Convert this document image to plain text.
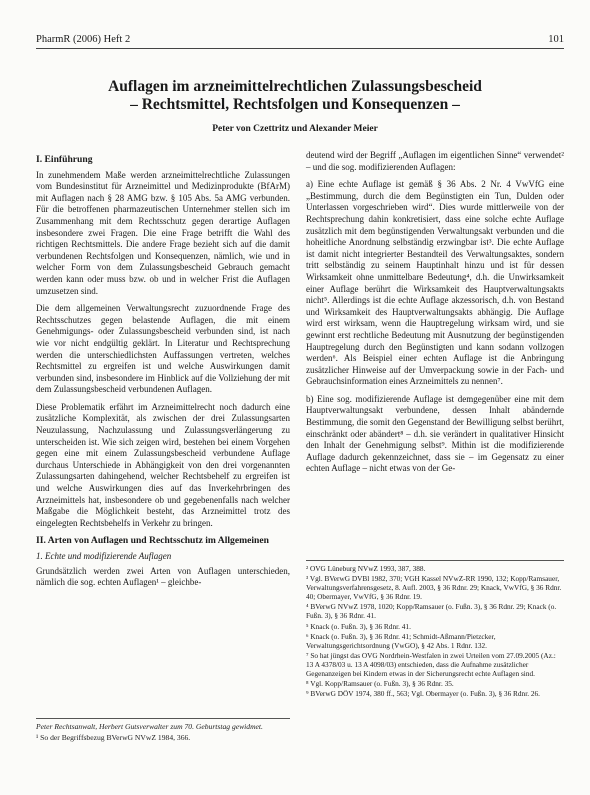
PharmR (2006) Heft 2	101
Auflagen im arzneimittelrechtlichen Zulassungsbescheid
– Rechtsmittel, Rechtsfolgen und Konsequenzen –
Peter von Czettritz und Alexander Meier
I. Einführung

In zunehmendem Maße werden arzneimittelrechtliche Zulassungen vom Bundesinstitut für Arzneimittel und Medizinprodukte (BfArM) mit Auflagen nach § 28 AMG bzw. § 105 Abs. 5a AMG verbunden. Für die betroffenen pharmazeutischen Unternehmer stellen sich im Zusammenhang mit dem Rechtsschutz gegen derartige Auflagen insbesondere zwei Fragen. Die eine Frage betrifft die Wahl des richtigen Rechtsmittels. Die andere Frage bezieht sich auf die damit verbundenen Rechtsfolgen und Konsequenzen, nämlich, wie und in welcher Form von dem Zulassungsbescheid Gebrauch gemacht werden kann oder muss bzw. ob und in welcher Frist die Auflagen umzusetzen sind.

Die dem allgemeinen Verwaltungsrecht zuzuordnende Frage des Rechtsschutzes gegen belastende Auflagen, die mit einem Genehmigungs- oder Zulassungsbescheid verbunden sind, ist nach wie vor nicht endgültig geklärt. In Literatur und Rechtsprechung werden die unterschiedlichsten Auffassungen vertreten, welches Rechtsmittel zu ergreifen ist und welche Auswirkungen damit verbunden sind, insbesondere im Hinblick auf die Vollziehung der mit dem Zulassungsbescheid verbundenen Auflagen.

Diese Problematik erfährt im Arzneimittelrecht noch dadurch eine zusätzliche Komplexität, als zwischen der drei Zulassungsarten Neuzulassung, Nachzulassung und Zulassungsverlängerung zu unterscheiden ist. Wie sich zeigen wird, bestehen bei einem Vorgehen gegen eine mit einem Zulassungsbescheid verbundene Auflage durchaus Unterschiede in Abhängigkeit von den drei vorgenannten Zulassungsarten dahingehend, welcher Rechtsbehelf zu ergreifen ist und welche Auswirkungen dies auf das Inverkehrbringen des Arzneimittels hat, insbesondere ob und gegebenenfalls nach welcher Maßgabe die Möglichkeit besteht, das Arzneimittel trotz des eingelegten Rechtsbehelfs in Verkehr zu bringen.

II. Arten von Auflagen und Rechtsschutz im Allgemeinen
1. Echte und modifizierende Auflagen

Grundsätzlich werden zwei Arten von Auflagen unterschieden, nämlich die sog. echten Auflagen¹ – gleichbe-

deutend wird der Begriff „Auflagen im eigentlichen Sinne“ verwendet² – und die sog. modifizierenden Auflagen:

a) Eine echte Auflage ist gemäß § 36 Abs. 2 Nr. 4 VwVfG eine „Bestimmung, durch die dem Begünstigten ein Tun, Dulden oder Unterlassen vorgeschrieben wird“. Dies wurde mittlerweile von der Rechtsprechung dahin konkretisiert, dass eine solche echte Auflage zusätzlich mit dem begünstigenden Verwaltungsakt verbunden und die hoheitliche Anordnung selbständig erzwingbar ist³. Die echte Auflage ist damit nicht integrierter Bestandteil des Verwaltungsaktes, sondern tritt selbständig zu seinem Hauptinhalt hinzu und ist für dessen Wirksamkeit ohne unmittelbare Bedeutung⁴, d.h. die Unwirksamkeit einer Auflage berührt die Wirksamkeit des Hauptverwaltungsakts nicht⁵. Allerdings ist die echte Auflage akzessorisch, d.h. von Bestand und Wirksamkeit des Hauptverwaltungsakts abhängig. Die Auflage wird erst wirksam, wenn die Hauptregelung wirksam wird, und sie gewinnt erst rechtliche Bedeutung mit Ausnutzung der begünstigenden Hauptregelung durch den Begünstigten und kann sodann vollzogen werden⁶. Als Beispiel einer echten Auflage ist die Anbringung zusätzlicher Hinweise auf der Umverpackung sowie in der Fach- und Gebrauchsinformation eines Arzneimittels zu nennen⁷.

b) Eine sog. modifizierende Auflage ist demgegenüber eine mit dem Hauptverwaltungsakt verbundene, dessen Inhalt abändernde Bestimmung, die somit den Gegenstand der Bewilligung selbst berührt, einschränkt oder abändert⁸ – d.h. sie verändert in qualitativer Hinsicht den Inhalt der Genehmigung selbst⁹. Mithin ist die modifizierende Auflage dadurch gekennzeichnet, dass sie – im Gegensatz zu einer echten Auflage – nicht etwas von der Ge-

Peter Rechtsanwalt, Herbert Gutsverwalter zum 70. Geburtstag gewidmet.

¹ So der Begriffsbezug BVerwG NVwZ 1984, 366.

² OVG Lüneburg NVwZ 1993, 387, 388.

³ Vgl. BVerwG DVBl 1982, 370; VGH Kassel NVwZ-RR 1990, 132; Kopp/Ramsauer, Verwaltungsverfahrensgesetz, 8. Aufl. 2003, § 36 Rdnr. 29; Knack, VwVfG, § 36 Rdnr. 40; Obermayer, VwVfG, § 36 Rdnr. 19.

⁴ BVerwG NVwZ 1978, 1020; Kopp/Ramsauer (o. Fußn. 3), § 36 Rdnr. 29; Knack (o. Fußn. 3), § 36 Rdnr. 41.

⁵ Knack (o. Fußn. 3), § 36 Rdnr. 41.

⁶ Knack (o. Fußn. 3), § 36 Rdnr. 41; Schmidt-Aßmann/Pietzcker, Verwaltungsgerichtsordnung (VwGO), § 42 Abs. 1 Rdnr. 132.

⁷ So hat jüngst das OVG Nordrhein-Westfalen in zwei Urteilen vom 27.09.2005 (Az.: 13 A 4378/03 u. 13 A 4098/03) entschieden, dass die Aufnahme zusätzlicher Gegenanzeigen bei Kindern etwas in der Sicherungsrecht echte Auflagen sind.

⁸ Vgl. Kopp/Ramsauer (o. Fußn. 3), § 36 Rdnr. 35.

⁹ BVerwG DÖV 1974, 380 ff., 563; Vgl. Obermayer (o. Fußn. 3), § 36 Rdnr. 26.
